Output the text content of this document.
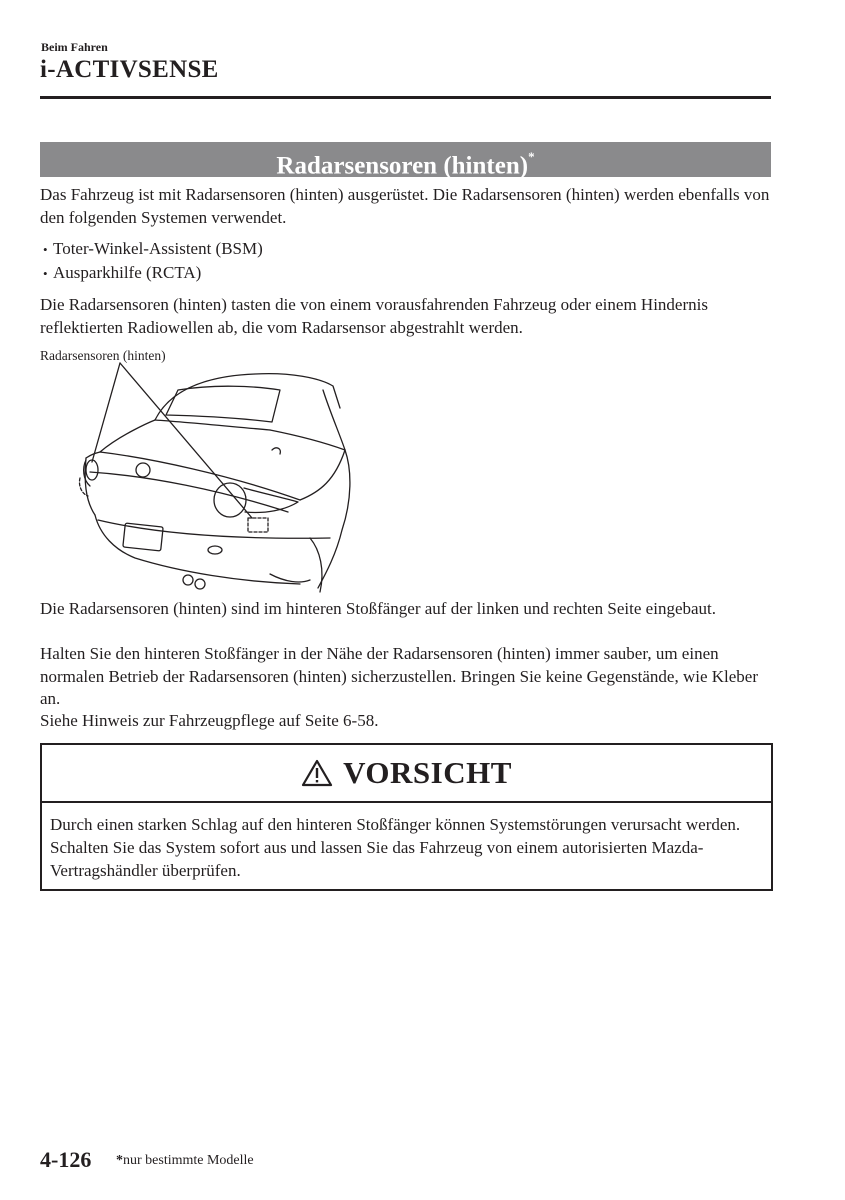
Beim Fahren
i-ACTIVSENSE
Radarsensoren (hinten)*

Das Fahrzeug ist mit Radarsensoren (hinten) ausgerüstet. Die Radarsensoren (hinten) werden ebenfalls von den folgenden Systemen verwendet.

• Toter-Winkel-Assistent (BSM)
• Ausparkhilfe (RCTA)

Die Radarsensoren (hinten) tasten die von einem vorausfahrenden Fahrzeug oder einem Hindernis reflektierten Radiowellen ab, die vom Radarsensor abgestrahlt werden.

Radarsensoren (hinten)

Die Radarsensoren (hinten) sind im hinteren Stoßfänger auf der linken und rechten Seite eingebaut.

Halten Sie den hinteren Stoßfänger in der Nähe der Radarsensoren (hinten) immer sauber, um einen normalen Betrieb der Radarsensoren (hinten) sicherzustellen. Bringen Sie keine Gegenstände, wie Kleber an.

Siehe Hinweis zur Fahrzeugpflege auf Seite 6-58.

VORSICHT
Durch einen starken Schlag auf den hinteren Stoßfänger können Systemstörungen verursacht werden. Schalten Sie das System sofort aus und lassen Sie das Fahrzeug von einem autorisierten Mazda-Vertragshändler überprüfen.
4-126 *nur bestimmte Modelle
